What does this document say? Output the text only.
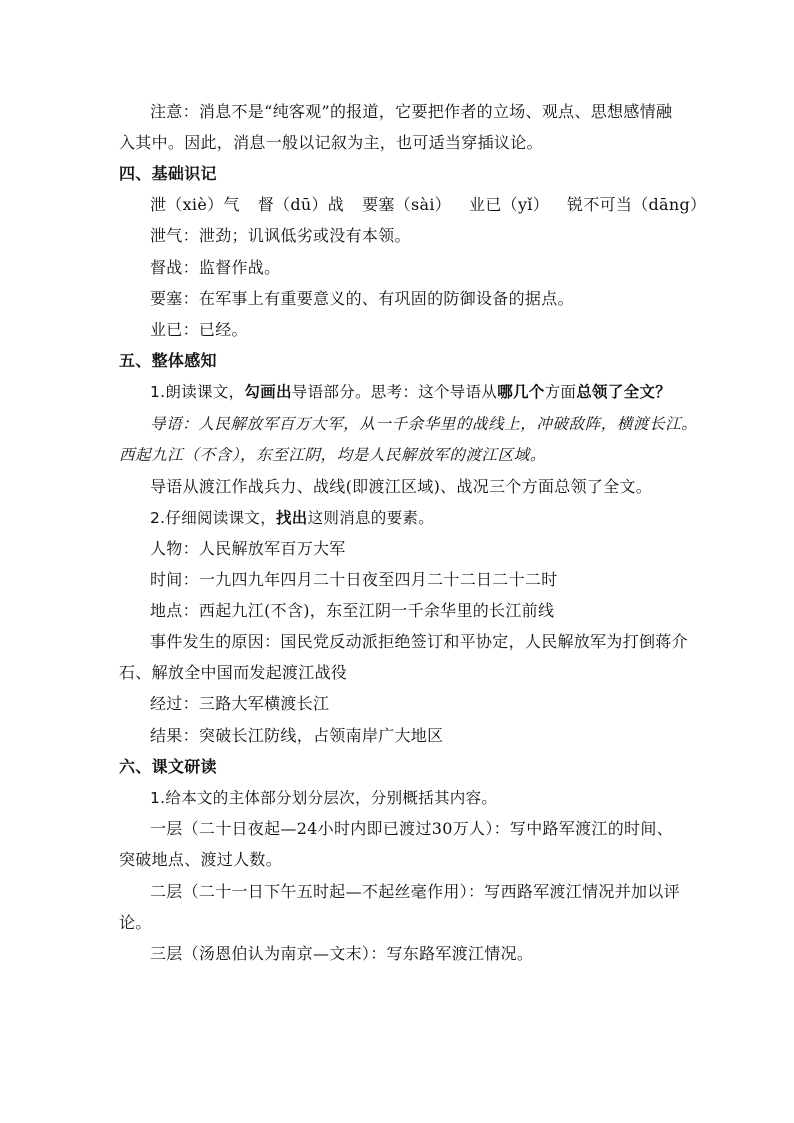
注意：消息不是“纯客观”的报道，它要把作者的立场、观点、思想感情融
入其中。因此，消息一般以记叙为主，也可适当穿插议论。
四、基础识记
泄（xiè）气 督（dū）战 要塞（sài） 业已（yǐ） 锐不可当（dāng）
泄气：泄劲；讥讽低劣或没有本领。
督战：监督作战。
要塞：在军事上有重要意义的、有巩固的防御设备的据点。
业已：已经。
五、整体感知
1.朗读课文，勾画出导语部分。思考：这个导语从哪几个方面总领了全文？
导语：人民解放军百万大军，从一千余华里的战线上，冲破敌阵，横渡长江。
西起九江（不含），东至江阴，均是人民解放军的渡江区域。
导语从渡江作战兵力、战线(即渡江区域)、战况三个方面总领了全文。
2.仔细阅读课文，找出这则消息的要素。
人物：人民解放军百万大军
时间：一九四九年四月二十日夜至四月二十二日二十二时
地点：西起九江(不含)，东至江阴一千余华里的长江前线
事件发生的原因：国民党反动派拒绝签订和平协定，人民解放军为打倒蒋介
石、解放全中国而发起渡江战役
经过：三路大军横渡长江
结果：突破长江防线，占领南岸广大地区
六、课文研读
1.给本文的主体部分划分层次，分别概括其内容。
一层（二十日夜起—24小时内即已渡过30万人）：写中路军渡江的时间、
突破地点、渡过人数。
二层（二十一日下午五时起—不起丝毫作用）：写西路军渡江情况并加以评
论。
三层（汤恩伯认为南京—文末）：写东路军渡江情况。
